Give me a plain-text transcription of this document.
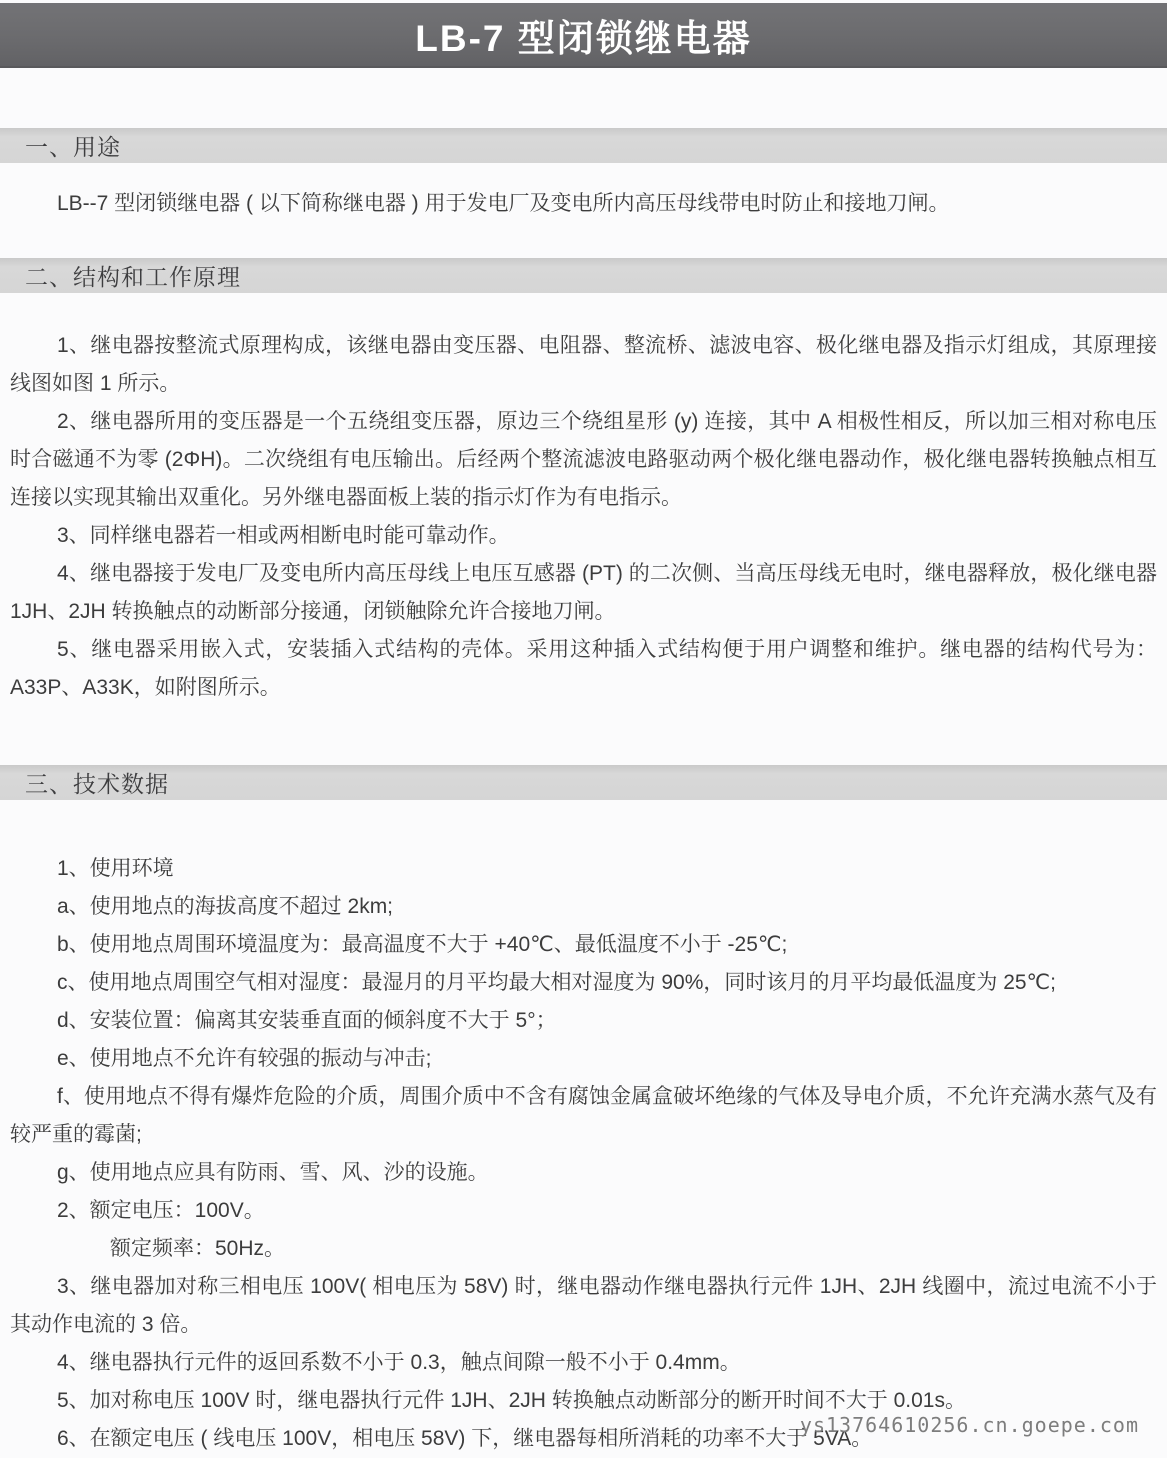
LB-7 型闭锁继电器
一、用途

LB--7 型闭锁继电器 ( 以下简称继电器 ) 用于发电厂及变电所内高压母线带电时防止和接地刀闸。

二、结构和工作原理

1、继电器按整流式原理构成，该继电器由变压器、电阻器、整流桥、滤波电容、极化继电器及指示灯组成，其原理接线图如图 1 所示。

2、继电器所用的变压器是一个五绕组变压器，原边三个绕组星形 (y) 连接，其中 A 相极性相反，所以加三相对称电压时合磁通不为零 (2ΦH)。二次绕组有电压输出。后经两个整流滤波电路驱动两个极化继电器动作，极化继电器转换触点相互连接以实现其输出双重化。另外继电器面板上装的指示灯作为有电指示。

3、同样继电器若一相或两相断电时能可靠动作。

4、继电器接于发电厂及变电所内高压母线上电压互感器 (PT) 的二次侧、当高压母线无电时，继电器释放，极化继电器 1JH、2JH 转换触点的动断部分接通，闭锁触除允许合接地刀闸。

5、继电器采用嵌入式，安装插入式结构的壳体。采用这种插入式结构便于用户调整和维护。继电器的结构代号为：A33P、A33K，如附图所示。

三、技术数据

1、使用环境

a、使用地点的海拔高度不超过 2km;

b、使用地点周围环境温度为：最高温度不大于 +40℃、最低温度不小于 -25℃;

c、使用地点周围空气相对湿度：最湿月的月平均最大相对湿度为 90%，同时该月的月平均最低温度为 25℃;

d、安装位置：偏离其安装垂直面的倾斜度不大于 5°；

e、使用地点不允许有较强的振动与冲击;

f、使用地点不得有爆炸危险的介质，周围介质中不含有腐蚀金属盒破坏绝缘的气体及导电介质，不允许充满水蒸气及有较严重的霉菌;

g、使用地点应具有防雨、雪、风、沙的设施。

2、额定电压：100V。

额定频率：50Hz。

3、继电器加对称三相电压 100V( 相电压为 58V) 时，继电器动作继电器执行元件 1JH、2JH 线圈中，流过电流不小于其动作电流的 3 倍。

4、继电器执行元件的返回系数不小于 0.3，触点间隙一般不小于 0.4mm。

5、加对称电压 100V 时，继电器执行元件 1JH、2JH 转换触点动断部分的断开时间不大于 0.01s。

6、在额定电压 ( 线电压 100V，相电压 58V) 下，继电器每相所消耗的功率不大于 5VA。

ys13764610256.cn.goepe.com
